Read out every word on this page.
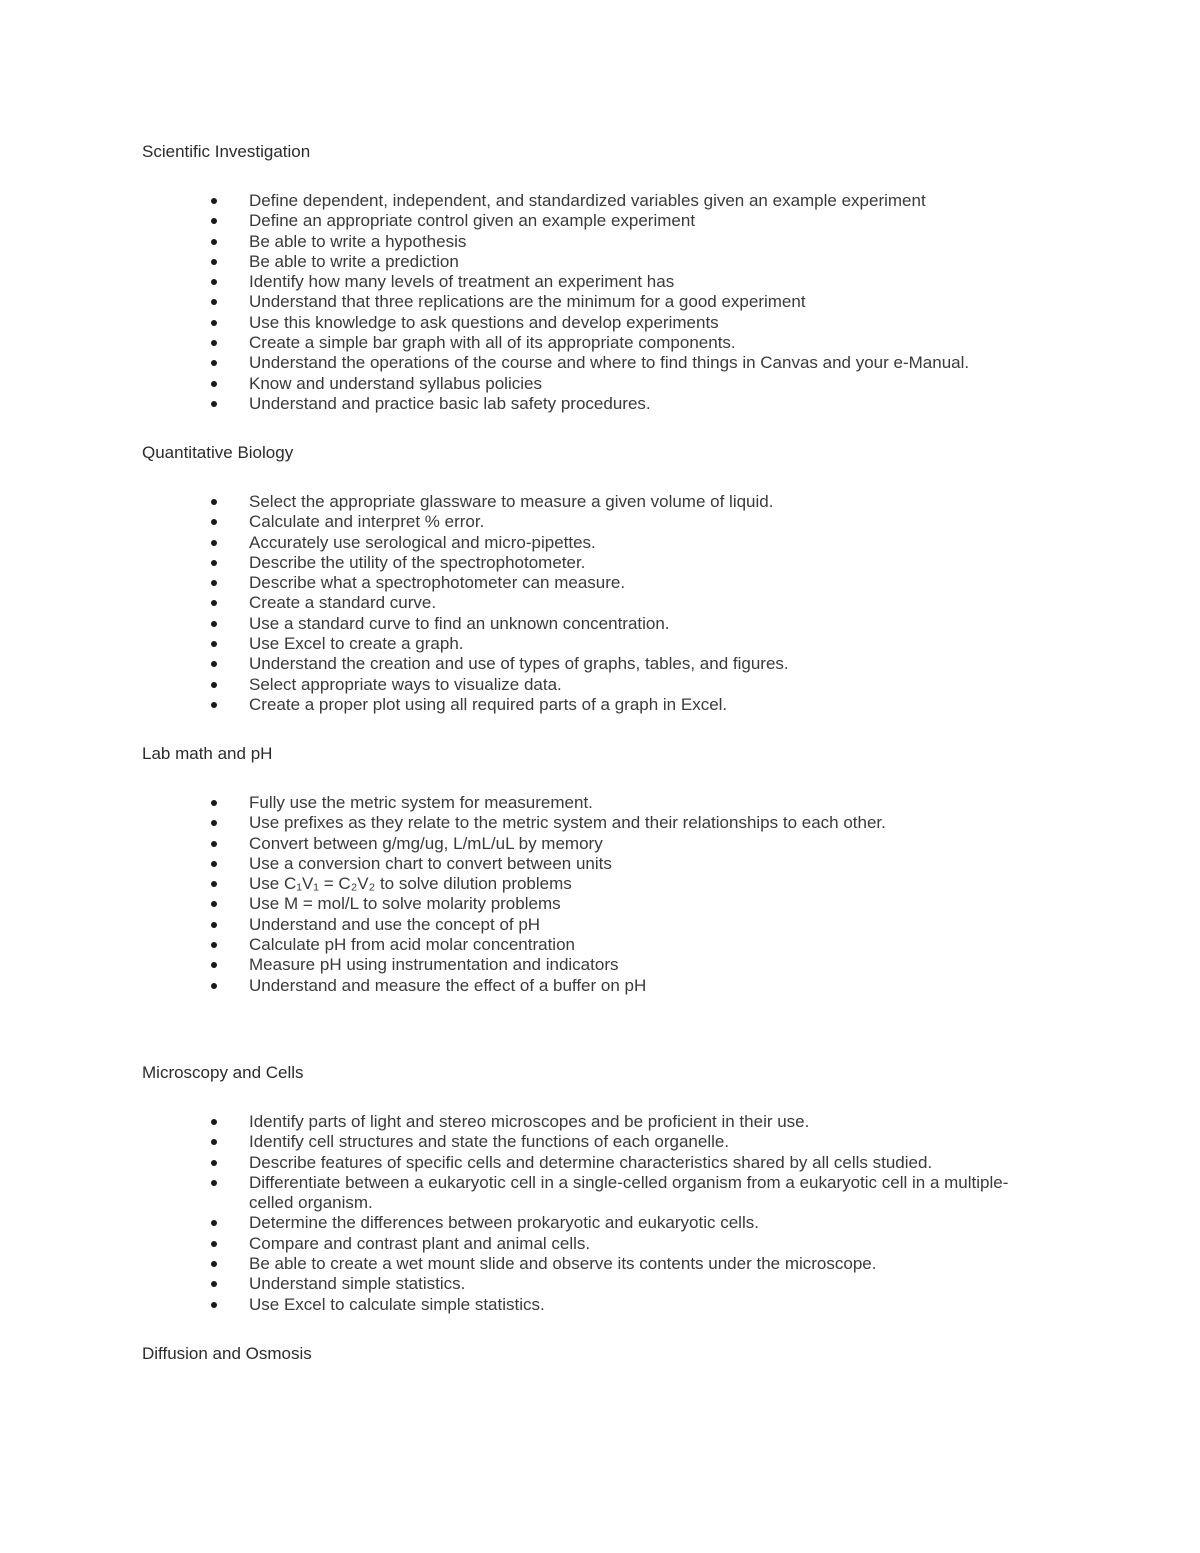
Scientific Investigation
Define dependent, independent, and standardized variables given an example experiment
Define an appropriate control given an example experiment
Be able to write a hypothesis
Be able to write a prediction
Identify how many levels of treatment an experiment has
Understand that three replications are the minimum for a good experiment
Use this knowledge to ask questions and develop experiments
Create a simple bar graph with all of its appropriate components.
Understand the operations of the course and where to find things in Canvas and your e-Manual.
Know and understand syllabus policies
Understand and practice basic lab safety procedures.
Quantitative Biology
Select the appropriate glassware to measure a given volume of liquid.
Calculate and interpret % error.
Accurately use serological and micro-pipettes.
Describe the utility of the spectrophotometer.
Describe what a spectrophotometer can measure.
Create a standard curve.
Use a standard curve to find an unknown concentration.
Use Excel to create a graph.
Understand the creation and use of types of graphs, tables, and figures.
Select appropriate ways to visualize data.
Create a proper plot using all required parts of a graph in Excel.
Lab math and pH
Fully use the metric system for measurement.
Use prefixes as they relate to the metric system and their relationships to each other.
Convert between g/mg/ug, L/mL/uL by memory
Use a conversion chart to convert between units
Use C₁V₁ = C₂V₂ to solve dilution problems
Use M = mol/L to solve molarity problems
Understand and use the concept of pH
Calculate pH from acid molar concentration
Measure pH using instrumentation and indicators
Understand and measure the effect of a buffer on pH
Microscopy and Cells
Identify parts of light and stereo microscopes and be proficient in their use.
Identify cell structures and state the functions of each organelle.
Describe features of specific cells and determine characteristics shared by all cells studied.
Differentiate between a eukaryotic cell in a single-celled organism from a eukaryotic cell in a multiple-celled organism.
Determine the differences between prokaryotic and eukaryotic cells.
Compare and contrast plant and animal cells.
Be able to create a wet mount slide and observe its contents under the microscope.
Understand simple statistics.
Use Excel to calculate simple statistics.
Diffusion and Osmosis
